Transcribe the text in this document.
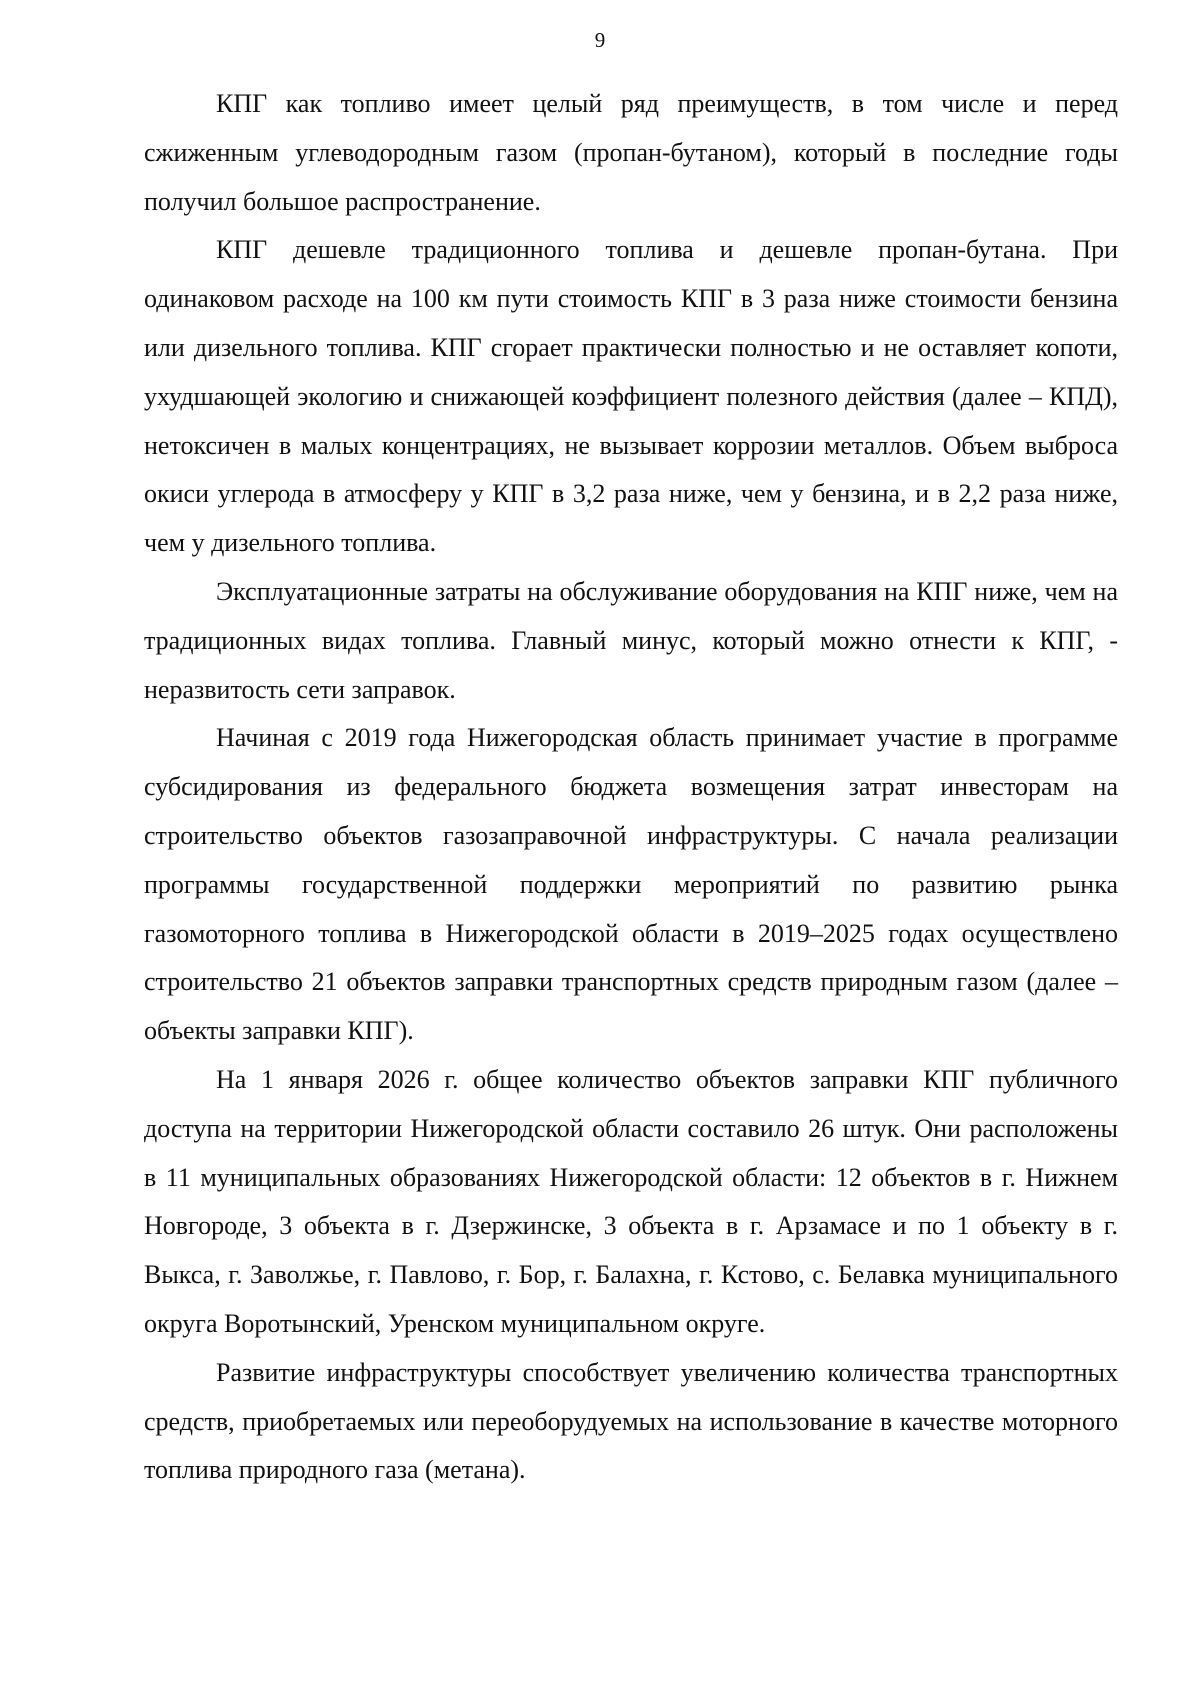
9

КПГ как топливо имеет целый ряд преимуществ, в том числе и перед сжиженным углеводородным газом (пропан-бутаном), который в последние годы получил большое распространение.

КПГ дешевле традиционного топлива и дешевле пропан-бутана. При одинаковом расходе на 100 км пути стоимость КПГ в 3 раза ниже стоимости бензина или дизельного топлива. КПГ сгорает практически полностью и не оставляет копоти, ухудшающей экологию и снижающей коэффициент полезного действия (далее – КПД), нетоксичен в малых концентрациях, не вызывает коррозии металлов. Объем выброса окиси углерода в атмосферу у КПГ в 3,2 раза ниже, чем у бензина, и в 2,2 раза ниже, чем у дизельного топлива.

Эксплуатационные затраты на обслуживание оборудования на КПГ ниже, чем на традиционных видах топлива. Главный минус, который можно отнести к КПГ, - неразвитость сети заправок.

Начиная с 2019 года Нижегородская область принимает участие в программе субсидирования из федерального бюджета возмещения затрат инвесторам на строительство объектов газозаправочной инфраструктуры. С начала реализации программы государственной поддержки мероприятий по развитию рынка газомоторного топлива в Нижегородской области в 2019–2025 годах осуществлено строительство 21 объектов заправки транспортных средств природным газом (далее – объекты заправки КПГ).

На 1 января 2026 г. общее количество объектов заправки КПГ публичного доступа на территории Нижегородской области составило 26 штук. Они расположены в 11 муниципальных образованиях Нижегородской области: 12 объектов в г. Нижнем Новгороде, 3 объекта в г. Дзержинске, 3 объекта в г. Арзамасе и по 1 объекту в г. Выкса, г. Заволжье, г. Павлово, г. Бор, г. Балахна, г. Кстово, с. Белавка муниципального округа Воротынский, Уренском муниципальном округе.

Развитие инфраструктуры способствует увеличению количества транспортных средств, приобретаемых или переоборудуемых на использование в качестве моторного топлива природного газа (метана).
